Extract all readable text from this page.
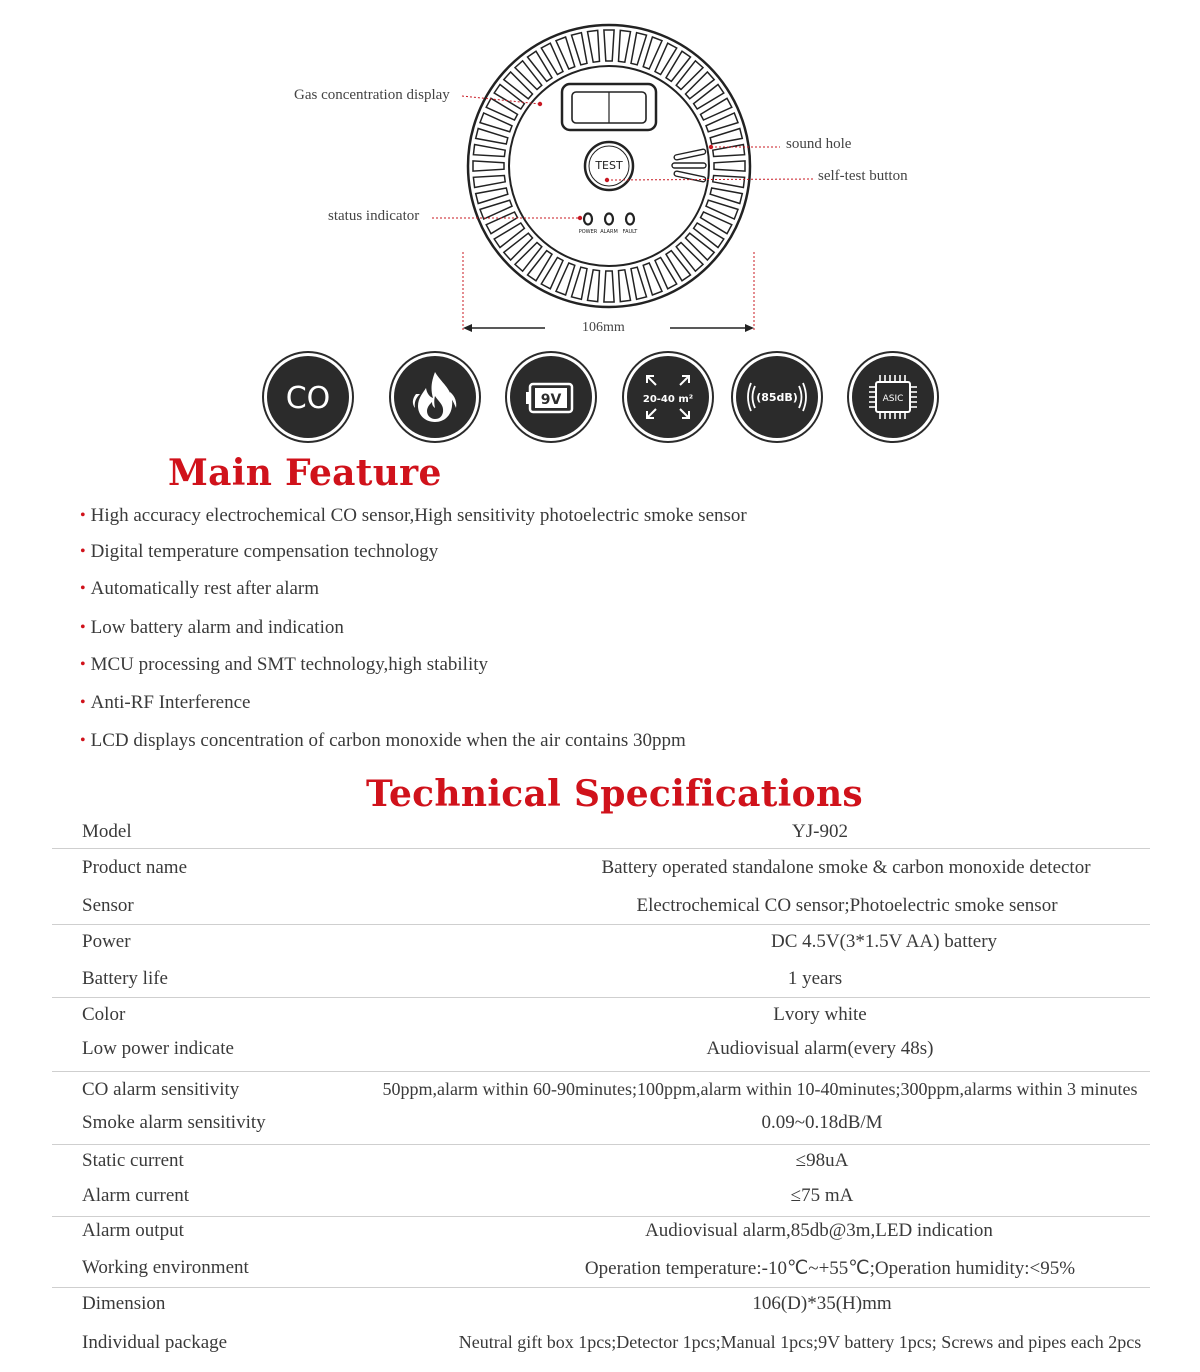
Gas concentration display
sound hole
self-test button
status indicator
TEST
POWER ALARM FAULT
106mm
CO	9V	20-40 m²	(85dB)	ASIC
Main Feature
• High accuracy electrochemical CO sensor,High sensitivity photoelectric smoke sensor
• Digital temperature compensation technology
• Automatically rest after alarm
• Low battery alarm and indication
• MCU processing and SMT technology,high stability
• Anti-RF Interference
• LCD displays concentration of carbon monoxide when the air contains 30ppm
Technical Specifications
Model	YJ-902
Product name	Battery operated standalone smoke & carbon monoxide detector
Sensor	Electrochemical CO sensor;Photoelectric smoke sensor
Power	DC 4.5V(3*1.5V AA) battery
Battery life	1 years
Color	Lvory white
Low power indicate	Audiovisual alarm(every 48s)
CO alarm sensitivity	50ppm,alarm within 60-90minutes;100ppm,alarm within 10-40minutes;300ppm,alarms within 3 minutes
Smoke alarm sensitivity	0.09~0.18dB/M
Static current	≤98uA
Alarm current	≤75 mA
Alarm output	Audiovisual alarm,85db@3m,LED indication
Working environment	Operation temperature:-10℃~+55℃;Operation humidity:<95%
Dimension	106(D)*35(H)mm
Individual package	Neutral gift box 1pcs;Detector 1pcs;Manual 1pcs;9V battery 1pcs; Screws and pipes each 2pcs
